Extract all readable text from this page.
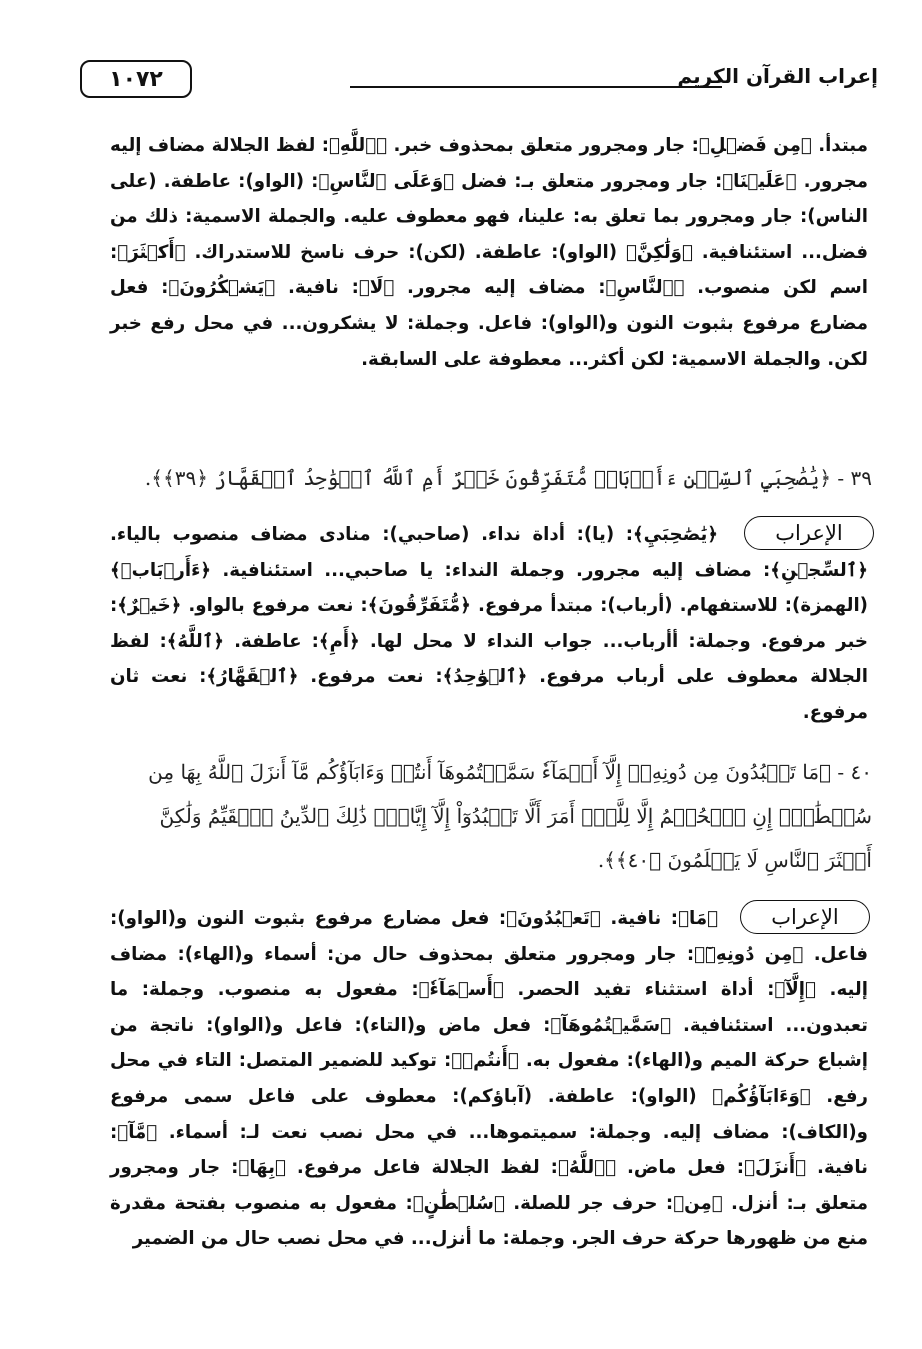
١٠٧٢	إعراب القرآن الكريم
مبتدأ. ﴿مِن فَضۡلِ﴾: جار ومجرور متعلق بمحذوف خبر. ﴿ٱللَّهِ﴾: لفظ الجلالة مضاف إليه مجرور. ﴿عَلَيۡنَا﴾: جار ومجرور متعلق بـ: فضل ﴿وَعَلَى ٱلنَّاسِ﴾: (الواو): عاطفة. (على الناس): جار ومجرور بما تعلق به: علينا، فهو معطوف عليه. والجملة الاسمية: ذلك من فضل... استئنافية. ﴿وَلَٰكِنَّ﴾ (الواو): عاطفة. (لكن): حرف ناسخ للاستدراك. ﴿أَكۡثَرَ﴾: اسم لكن منصوب. ﴿ٱلنَّاسِ﴾: مضاف إليه مجرور. ﴿لَا﴾: نافية. ﴿يَشۡكُرُونَ﴾: فعل مضارع مرفوع بثبوت النون و(الواو): فاعل. وجملة: لا يشكرون... في محل رفع خبر لكن. والجملة الاسمية: لكن أكثر... معطوفة على السابقة.
٣٩ - ﴿يَٰصَٰحِبَيِ ٱلسِّجۡنِ ءَأَرۡبَابٞ مُّتَفَرِّقُونَ خَيۡرٌ أَمِ ٱللَّهُ ٱلۡوَٰحِدُ ٱلۡقَهَّارُ ﴿٣٩﴾﴾.
الإعراب
﴿يَٰصَٰحِبَيِ﴾: (يا): أداة نداء. (صاحبي): منادى مضاف منصوب بالياء. ﴿ٱلسِّجۡنِ﴾: مضاف إليه مجرور. وجملة النداء: يا صاحبي... استئنافية. ﴿ءَأَرۡبَابٞ﴾ (الهمزة): للاستفهام. (أرباب): مبتدأ مرفوع. ﴿مُّتَفَرِّقُونَ﴾: نعت مرفوع بالواو. ﴿خَيۡرٌ﴾: خبر مرفوع. وجملة: أأرباب... جواب النداء لا محل لها. ﴿أَمِ﴾: عاطفة. ﴿ٱللَّهُ﴾: لفظ الجلالة معطوف على أرباب مرفوع. ﴿ٱلۡوَٰحِدُ﴾: نعت مرفوع. ﴿ٱلۡقَهَّارُ﴾: نعت ثان مرفوع.
٤٠ - ﴿مَا تَعۡبُدُونَ مِن دُونِهِۦٓ إِلَّآ أَسۡمَآءٗ سَمَّيۡتُمُوهَآ أَنتُمۡ وَءَابَآؤُكُم مَّآ أَنزَلَ ٱللَّهُ بِهَا مِن سُلۡطَٰنٍۚ إِنِ ٱلۡحُكۡمُ إِلَّا لِلَّهِۚ أَمَرَ أَلَّا تَعۡبُدُوٓاْ إِلَّآ إِيَّاهُۚ ذَٰلِكَ ٱلدِّينُ ٱلۡقَيِّمُ وَلَٰكِنَّ أَكۡثَرَ ٱلنَّاسِ لَا يَعۡلَمُونَ ﴿٤٠﴾﴾.
الإعراب
﴿مَا﴾: نافية. ﴿تَعۡبُدُونَ﴾: فعل مضارع مرفوع بثبوت النون و(الواو): فاعل. ﴿مِن دُونِهِۦٓ﴾: جار ومجرور متعلق بمحذوف حال من: أسماء و(الهاء): مضاف إليه. ﴿إِلَّآ﴾: أداة استثناء تفيد الحصر. ﴿أَسۡمَآءٗ﴾: مفعول به منصوب. وجملة: ما تعبدون... استئنافية. ﴿سَمَّيۡتُمُوهَآ﴾: فعل ماض و(التاء): فاعل و(الواو): ناتجة من إشباع حركة الميم و(الهاء): مفعول به. ﴿أَنتُمۡ﴾: توكيد للضمير المتصل: التاء في محل رفع. ﴿وَءَابَآؤُكُم﴾ (الواو): عاطفة. (آباؤكم): معطوف على فاعل سمى مرفوع و(الكاف): مضاف إليه. وجملة: سميتموها... في محل نصب نعت لـ: أسماء. ﴿مَّآ﴾: نافية. ﴿أَنزَلَ﴾: فعل ماض. ﴿ٱللَّهُ﴾: لفظ الجلالة فاعل مرفوع. ﴿بِهَا﴾: جار ومجرور متعلق بـ: أنزل. ﴿مِن﴾: حرف جر للصلة. ﴿سُلۡطَٰنٍ﴾: مفعول به منصوب بفتحة مقدرة منع من ظهورها حركة حرف الجر. وجملة: ما أنزل... في محل نصب حال من الضمير
